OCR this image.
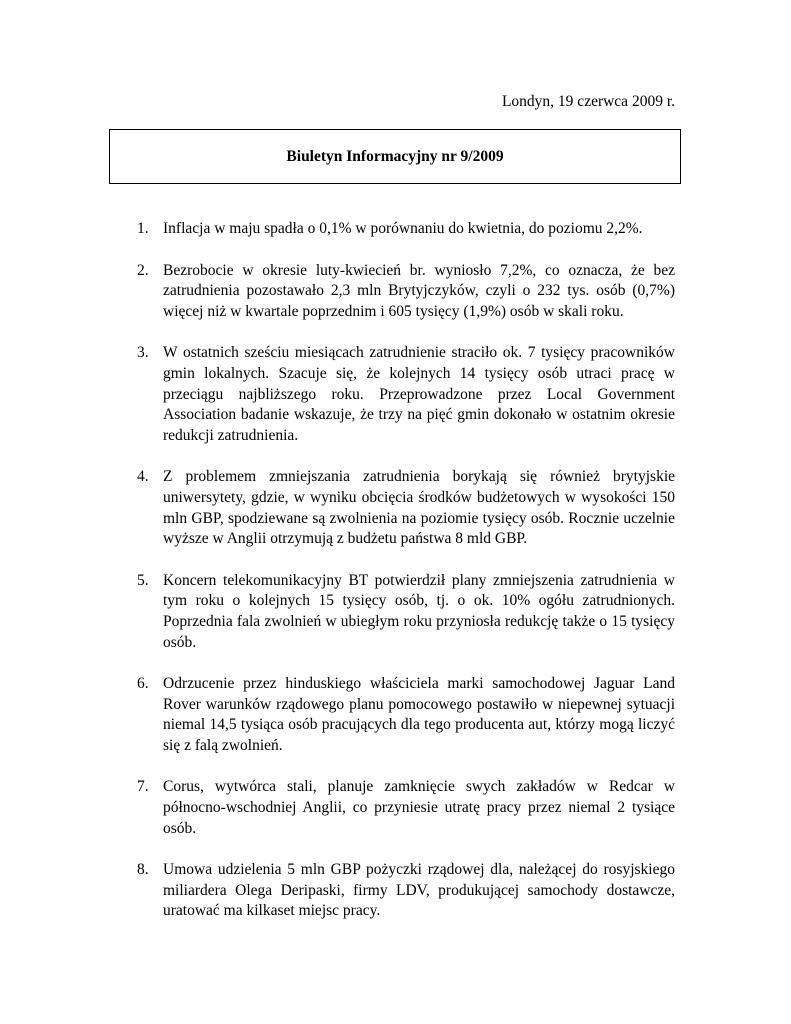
Londyn, 19 czerwca 2009 r.
Biuletyn Informacyjny nr 9/2009
1. Inflacja w maju spadła o 0,1% w porównaniu do kwietnia, do poziomu 2,2%.
2. Bezrobocie w okresie luty-kwiecień br. wyniosło 7,2%, co oznacza, że bez zatrudnienia pozostawało 2,3 mln Brytyjczyków, czyli o 232 tys. osób (0,7%) więcej niż w kwartale poprzednim i 605 tysięcy (1,9%) osób w skali roku.
3. W ostatnich sześciu miesiącach zatrudnienie straciło ok. 7 tysięcy pracowników gmin lokalnych. Szacuje się, że kolejnych 14 tysięcy osób utraci pracę w przeciągu najbliższego roku. Przeprowadzone przez Local Government Association badanie wskazuje, że trzy na pięć gmin dokonało w ostatnim okresie redukcji zatrudnienia.
4. Z problemem zmniejszania zatrudnienia borykają się również brytyjskie uniwersytety, gdzie, w wyniku obcięcia środków budżetowych w wysokości 150 mln GBP, spodziewane są zwolnienia na poziomie tysięcy osób. Rocznie uczelnie wyższe w Anglii otrzymują z budżetu państwa 8 mld GBP.
5. Koncern telekomunikacyjny BT potwierdził plany zmniejszenia zatrudnienia w tym roku o kolejnych 15 tysięcy osób, tj. o ok. 10% ogółu zatrudnionych. Poprzednia fala zwolnień w ubiegłym roku przyniosła redukcję także o 15 tysięcy osób.
6. Odrzucenie przez hinduskiego właściciela marki samochodowej Jaguar Land Rover warunków rządowego planu pomocowego postawiło w niepewnej sytuacji niemal 14,5 tysiąca osób pracujących dla tego producenta aut, którzy mogą liczyć się z falą zwolnień.
7. Corus, wytwórca stali, planuje zamknięcie swych zakładów w Redcar w północno-wschodniej Anglii, co przyniesie utratę pracy przez niemal 2 tysiące osób.
8. Umowa udzielenia 5 mln GBP pożyczki rządowej dla, należącej do rosyjskiego miliardera Olega Deripaski, firmy LDV, produkującej samochody dostawcze, uratować ma kilkaset miejsc pracy.
